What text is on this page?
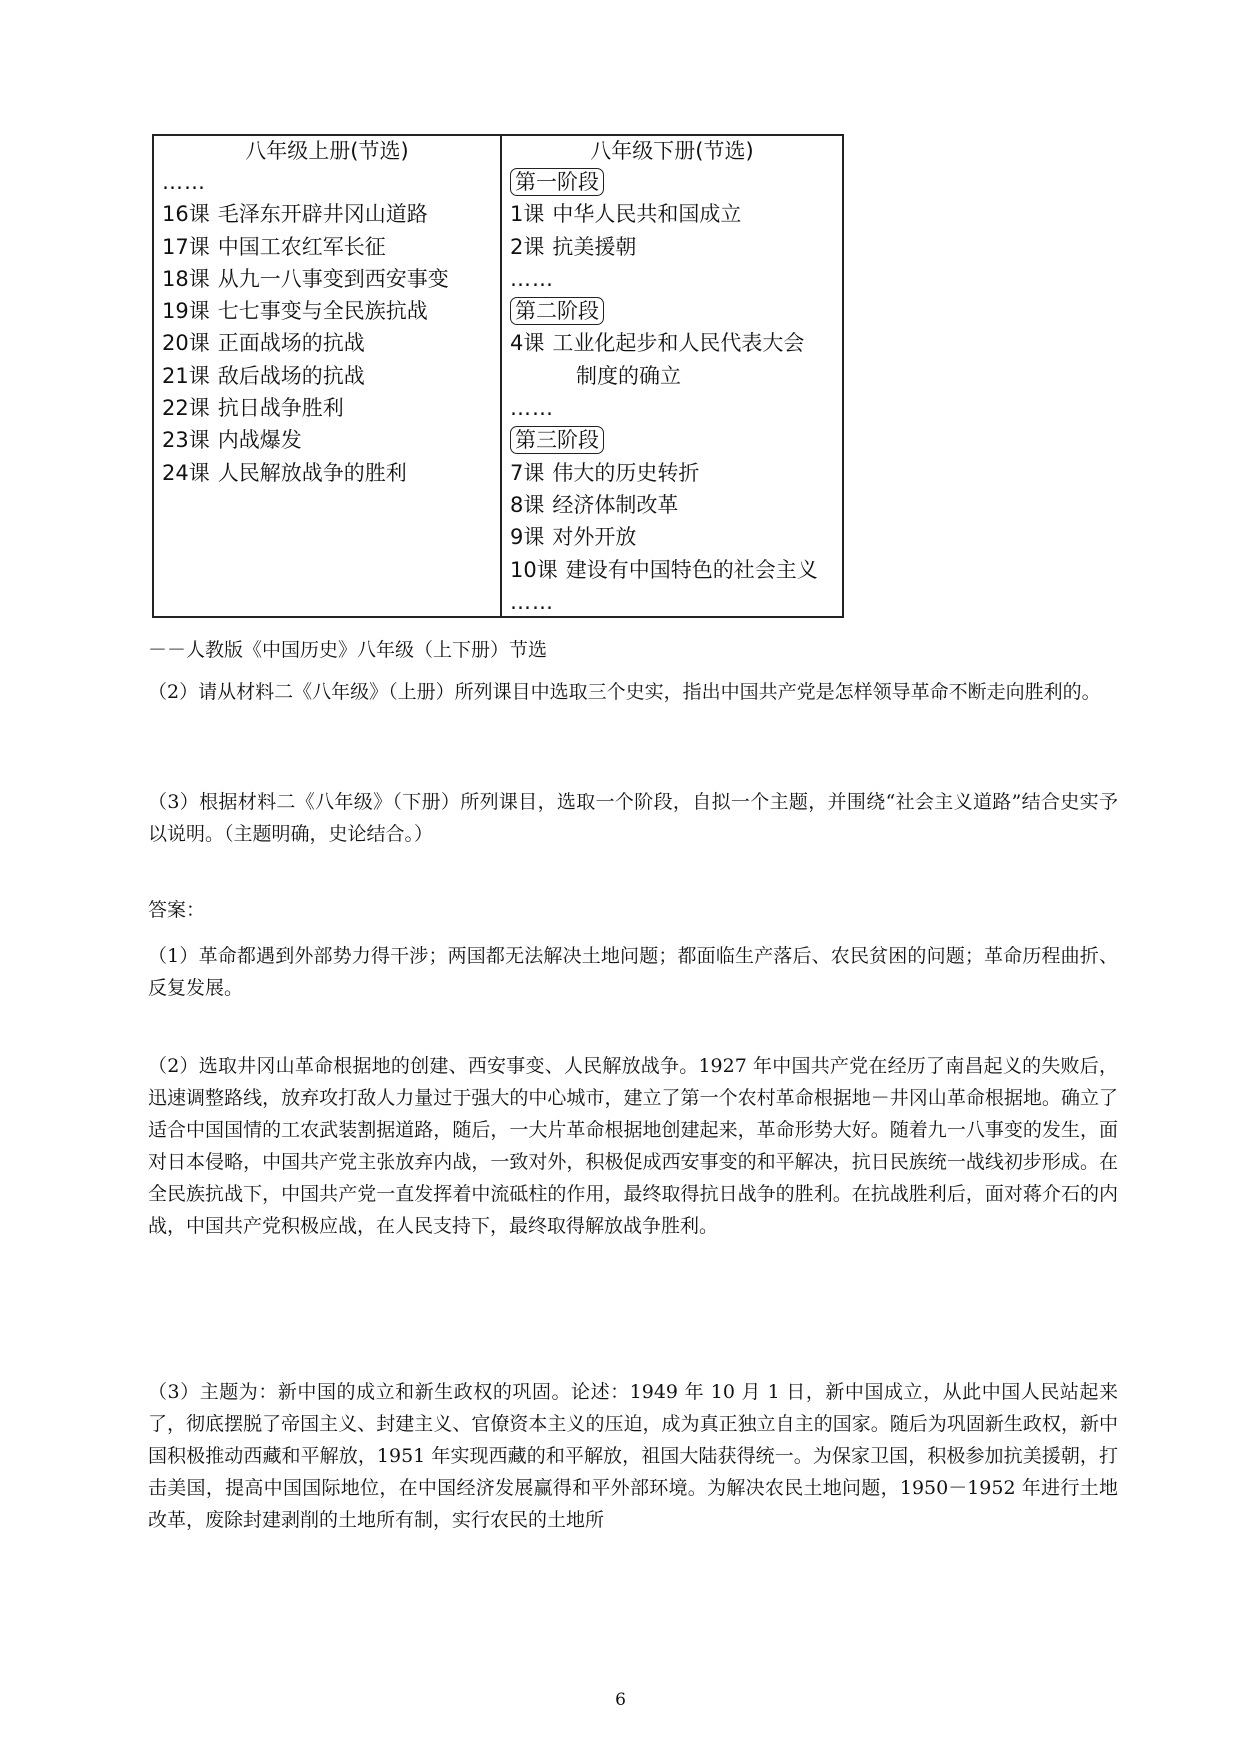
八年级上册(节选)
……
16课 毛泽东开辟井冈山道路
17课 中国工农红军长征
18课 从九一八事变到西安事变
19课 七七事变与全民族抗战
20课 正面战场的抗战
21课 敌后战场的抗战
22课 抗日战争胜利
23课 内战爆发
24课 人民解放战争的胜利
八年级下册(节选)
第一阶段
1课 中华人民共和国成立
2课 抗美援朝
……
第二阶段
4课 工业化起步和人民代表大会
制度的确立
……
第三阶段
7课 伟大的历史转折
8课 经济体制改革
9课 对外开放
10课 建设有中国特色的社会主义
……
－－人教版《中国历史》八年级（上下册）节选
（2）请从材料二《八年级》（上册）所列课目中选取三个史实，指出中国共产党是怎样领导革命不断走向胜利的。
（3）根据材料二《八年级》（下册）所列课目，选取一个阶段，自拟一个主题，并围绕“社会主义道路”结合史实予以说明。（主题明确，史论结合。）
答案：
（1）革命都遇到外部势力得干涉；两国都无法解决土地问题；都面临生产落后、农民贫困的问题；革命历程曲折、反复发展。
（2）选取井冈山革命根据地的创建、西安事变、人民解放战争。1927 年中国共产党在经历了南昌起义的失败后，迅速调整路线，放弃攻打敌人力量过于强大的中心城市，建立了第一个农村革命根据地－井冈山革命根据地。确立了适合中国国情的工农武装割据道路，随后，一大片革命根据地创建起来，革命形势大好。随着九一八事变的发生，面对日本侵略，中国共产党主张放弃内战，一致对外，积极促成西安事变的和平解决，抗日民族统一战线初步形成。在全民族抗战下，中国共产党一直发挥着中流砥柱的作用，最终取得抗日战争的胜利。在抗战胜利后，面对蒋介石的内战，中国共产党积极应战，在人民支持下，最终取得解放战争胜利。
（3）主题为：新中国的成立和新生政权的巩固。论述：1949 年 10 月 1 日，新中国成立，从此中国人民站起来了，彻底摆脱了帝国主义、封建主义、官僚资本主义的压迫，成为真正独立自主的国家。随后为巩固新生政权，新中国积极推动西藏和平解放，1951 年实现西藏的和平解放，祖国大陆获得统一。为保家卫国，积极参加抗美援朝，打击美国，提高中国国际地位，在中国经济发展赢得和平外部环境。为解决农民土地问题，1950－1952 年进行土地改革，废除封建剥削的土地所有制，实行农民的土地所
6
